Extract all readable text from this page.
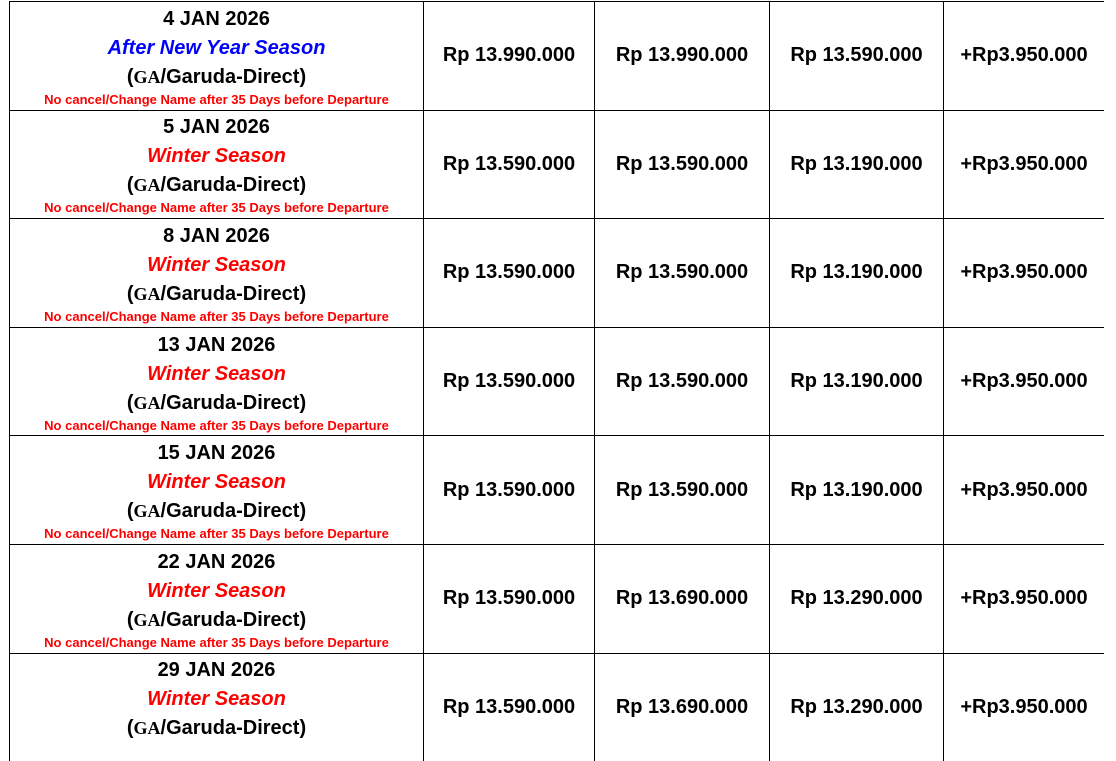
4 JAN 2026
After New Year Season
(GA/Garuda-Direct)
No cancel/Change Name after 35 Days before Departure	Rp 13.990.000	Rp 13.990.000	Rp 13.590.000	+Rp3.950.000

5 JAN 2026
Winter Season
(GA/Garuda-Direct)
No cancel/Change Name after 35 Days before Departure	Rp 13.590.000	Rp 13.590.000	Rp 13.190.000	+Rp3.950.000

8 JAN 2026
Winter Season
(GA/Garuda-Direct)
No cancel/Change Name after 35 Days before Departure	Rp 13.590.000	Rp 13.590.000	Rp 13.190.000	+Rp3.950.000

13 JAN 2026
Winter Season
(GA/Garuda-Direct)
No cancel/Change Name after 35 Days before Departure	Rp 13.590.000	Rp 13.590.000	Rp 13.190.000	+Rp3.950.000

15 JAN 2026
Winter Season
(GA/Garuda-Direct)
No cancel/Change Name after 35 Days before Departure	Rp 13.590.000	Rp 13.590.000	Rp 13.190.000	+Rp3.950.000

22 JAN 2026
Winter Season
(GA/Garuda-Direct)
No cancel/Change Name after 35 Days before Departure	Rp 13.590.000	Rp 13.690.000	Rp 13.290.000	+Rp3.950.000

29 JAN 2026
Winter Season
(GA/Garuda-Direct)	Rp 13.590.000	Rp 13.690.000	Rp 13.290.000	+Rp3.950.000
